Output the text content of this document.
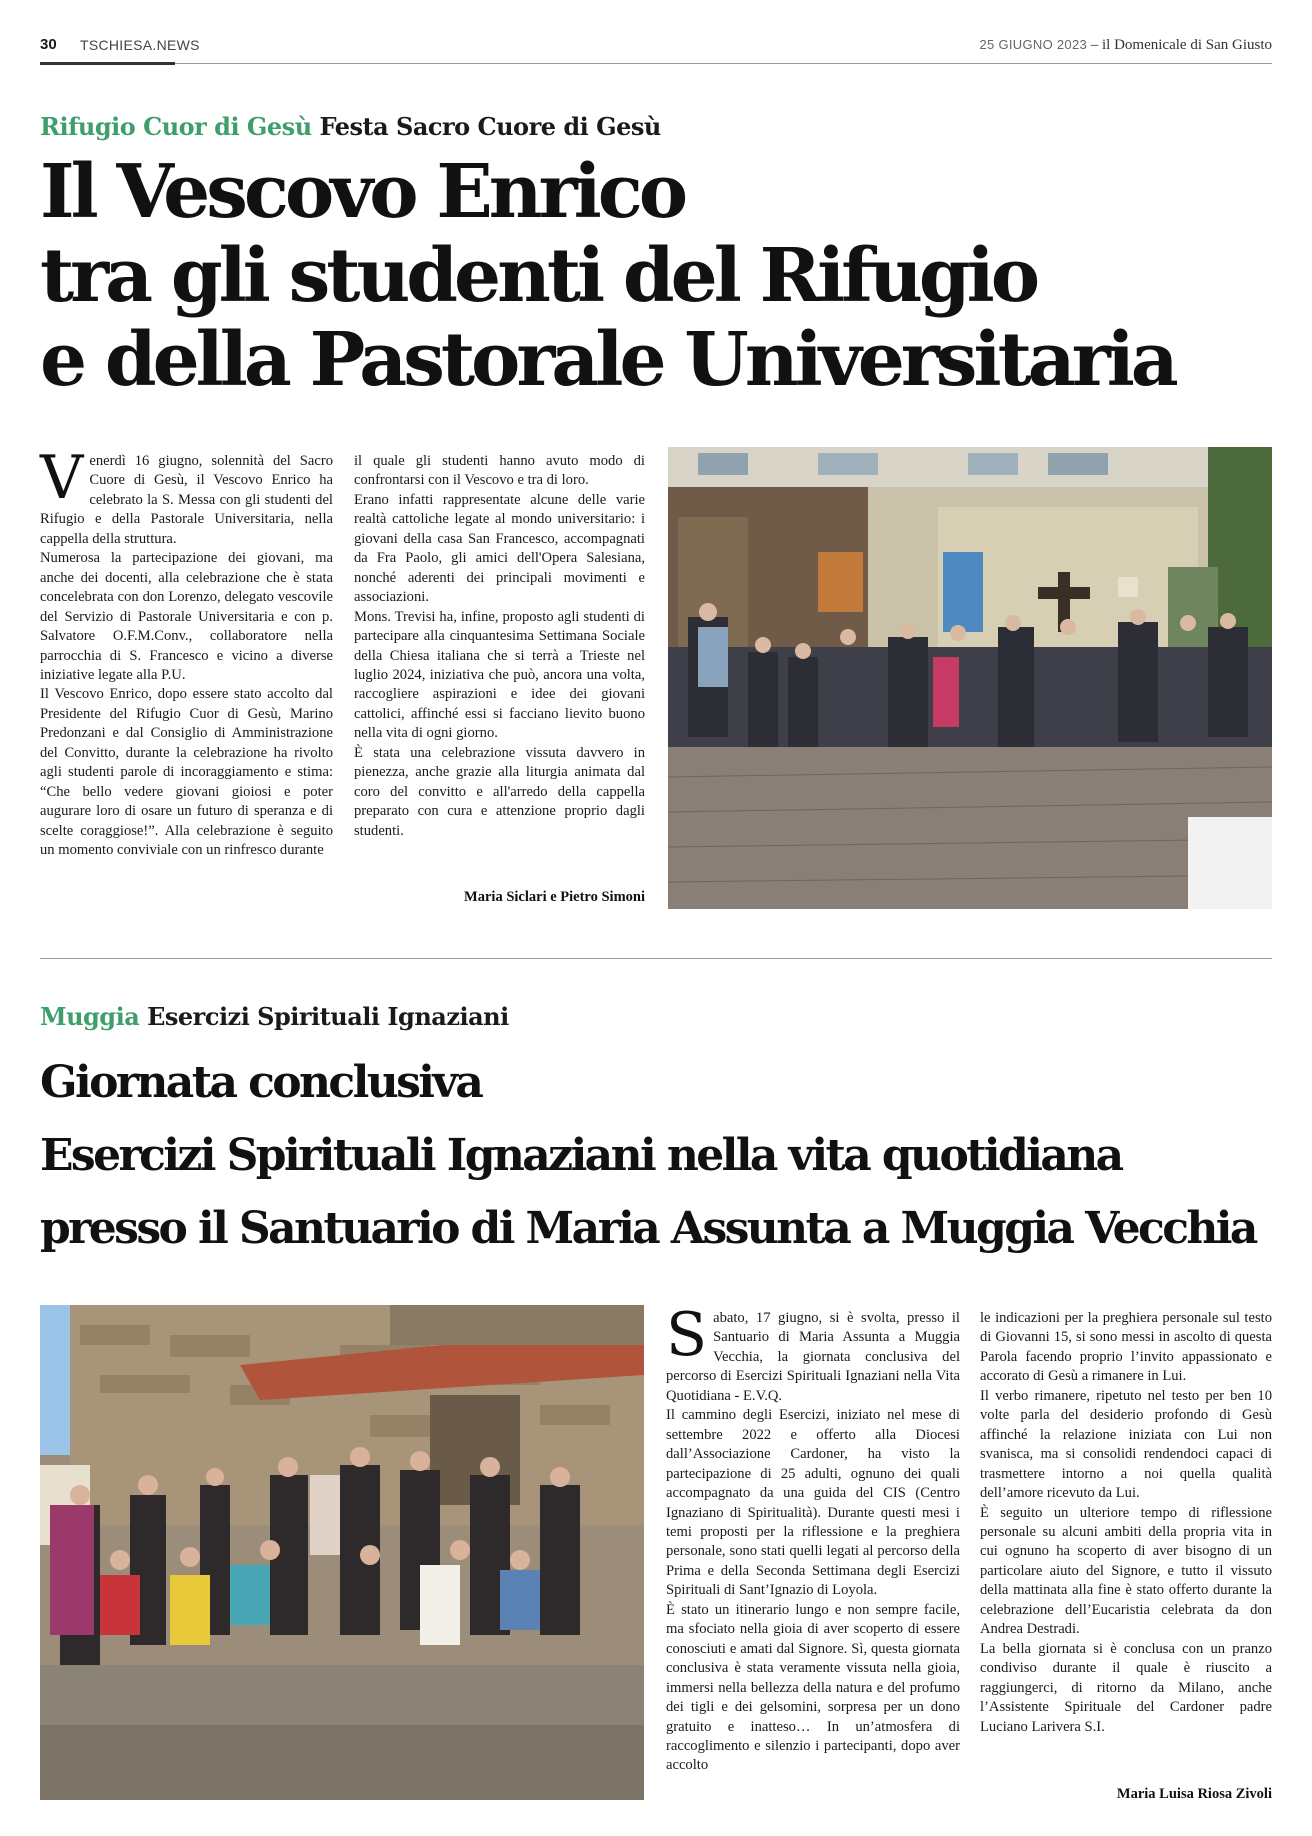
30 TSCHIESA.NEWS	25 GIUGNO 2023 – il Domenicale di San Giusto
Rifugio Cuor di Gesù Festa Sacro Cuore di Gesù
Il Vescovo Enrico
tra gli studenti del Rifugio
e della Pastorale Universitaria
V enerdì 16 giugno, solennità del Sacro Cuore di Gesù, il Vescovo Enrico ha celebrato la S. Messa con gli studenti del Rifugio e della Pastorale Universitaria, nella cappella della struttura.

Numerosa la partecipazione dei giovani, ma anche dei docenti, alla celebrazione che è stata concelebrata con don Lorenzo, delegato vescovile del Servizio di Pastorale Universitaria e con p. Salvatore O.F.M.Conv., collaboratore nella parrocchia di S. Francesco e vicino a diverse iniziative legate alla P.U.

Il Vescovo Enrico, dopo essere stato accolto dal Presidente del Rifugio Cuor di Gesù, Marino Predonzani e dal Consiglio di Amministrazione del Convitto, durante la celebrazione ha rivolto agli studenti parole di incoraggiamento e stima: “Che bello vedere giovani gioiosi e poter augurare loro di osare un futuro di speranza e di scelte coraggiose!”. Alla celebrazione è seguito un momento conviviale con un rinfresco durante

il quale gli studenti hanno avuto modo di confrontarsi con il Vescovo e tra di loro.

Erano infatti rappresentate alcune delle varie realtà cattoliche legate al mondo universitario: i giovani della casa San Francesco, accompagnati da Fra Paolo, gli amici dell'Opera Salesiana, nonché aderenti dei principali movimenti e associazioni.

Mons. Trevisi ha, infine, proposto agli studenti di partecipare alla cinquantesima Settimana Sociale della Chiesa italiana che si terrà a Trieste nel luglio 2024, iniziativa che può, ancora una volta, raccogliere aspirazioni e idee dei giovani cattolici, affinché essi si facciano lievito buono nella vita di ogni giorno.

È stata una celebrazione vissuta davvero in pienezza, anche grazie alla liturgia animata dal coro del convitto e all'arredo della cappella preparato con cura e attenzione proprio dagli studenti.

Maria Siclari e Pietro Simoni
Muggia Esercizi Spirituali Ignaziani
Giornata conclusiva
Esercizi Spirituali Ignaziani nella vita quotidiana
presso il Santuario di Maria Assunta a Muggia Vecchia
S abato, 17 giugno, si è svolta, presso il Santuario di Maria Assunta a Muggia Vecchia, la giornata conclusiva del percorso di Esercizi Spirituali Ignaziani nella Vita Quotidiana - E.V.Q.

Il cammino degli Esercizi, iniziato nel mese di settembre 2022 e offerto alla Diocesi dall’Associazione Cardoner, ha visto la partecipazione di 25 adulti, ognuno dei quali accompagnato da una guida del CIS (Centro Ignaziano di Spiritualità). Durante questi mesi i temi proposti per la riflessione e la preghiera personale, sono stati quelli legati al percorso della Prima e della Seconda Settimana degli Esercizi Spirituali di Sant’Ignazio di Loyola.

È stato un itinerario lungo e non sempre facile, ma sfociato nella gioia di aver scoperto di essere conosciuti e amati dal Signore. Sì, questa giornata conclusiva è stata veramente vissuta nella gioia, immersi nella bellezza della natura e del profumo dei tigli e dei gelsomini, sorpresa per un dono gratuito e inatteso… In un’atmosfera di raccoglimento e silenzio i partecipanti, dopo aver accolto

le indicazioni per la preghiera personale sul testo di Giovanni 15, si sono messi in ascolto di questa Parola facendo proprio l’invito appassionato e accorato di Gesù a rimanere in Lui.

Il verbo rimanere, ripetuto nel testo per ben 10 volte parla del desiderio profondo di Gesù affinché la relazione iniziata con Lui non svanisca, ma si consolidi rendendoci capaci di trasmettere intorno a noi quella qualità dell’amore ricevuto da Lui.

È seguito un ulteriore tempo di riflessione personale su alcuni ambiti della propria vita in cui ognuno ha scoperto di aver bisogno di un particolare aiuto del Signore, e tutto il vissuto della mattinata alla fine è stato offerto durante la celebrazione dell’Eucaristia celebrata da don Andrea Destradi.

La bella giornata si è conclusa con un pranzo condiviso durante il quale è riuscito a raggiungerci, di ritorno da Milano, anche l’Assistente Spirituale del Cardoner padre Luciano Larivera S.I.

Maria Luisa Riosa Zivoli
